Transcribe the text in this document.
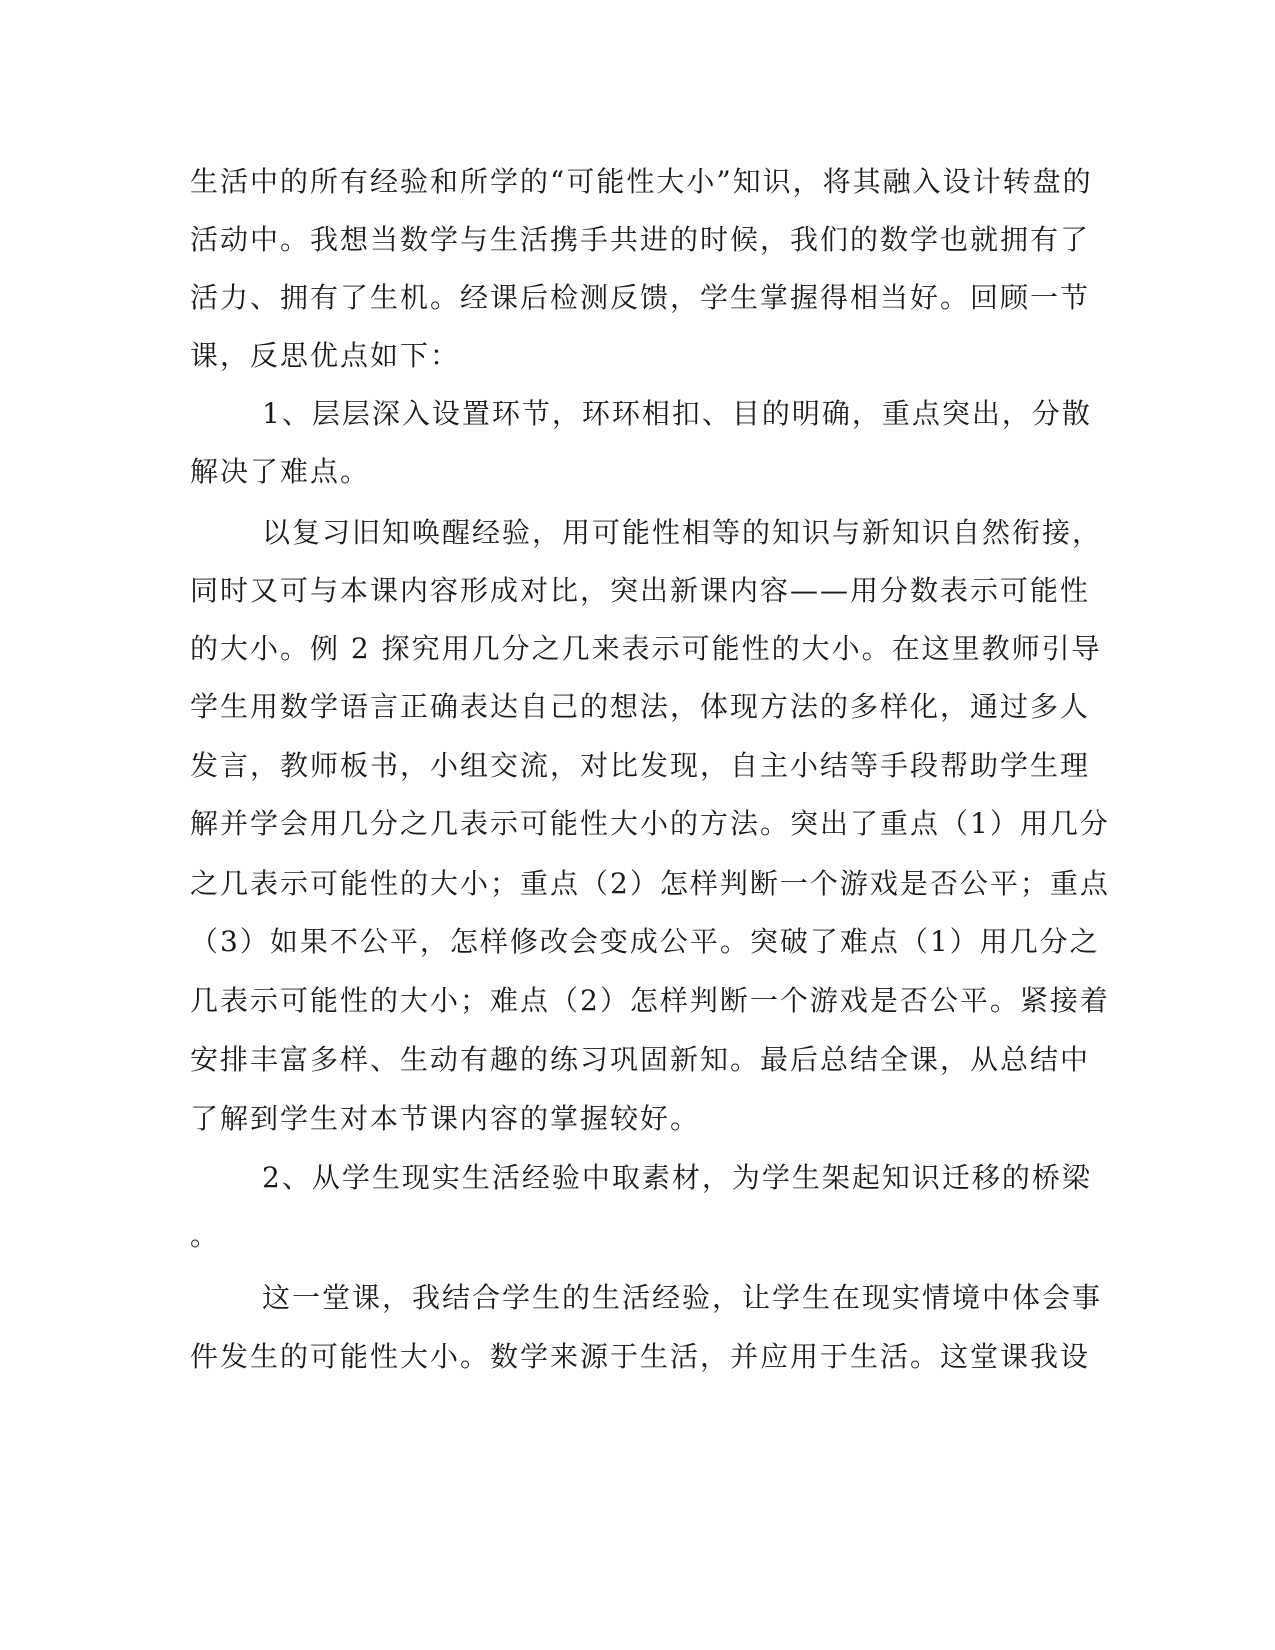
生活中的所有经验和所学的“可能性大小”知识，将其融入设计转盘的
活动中。我想当数学与生活携手共进的时候，我们的数学也就拥有了
活力、拥有了生机。经课后检测反馈，学生掌握得相当好。回顾一节
课，反思优点如下：
1、层层深入设置环节，环环相扣、目的明确，重点突出，分散
解决了难点。
以复习旧知唤醒经验，用可能性相等的知识与新知识自然衔接，
同时又可与本课内容形成对比，突出新课内容——用分数表示可能性
的大小。例 2 探究用几分之几来表示可能性的大小。在这里教师引导
学生用数学语言正确表达自己的想法，体现方法的多样化，通过多人
发言，教师板书，小组交流，对比发现，自主小结等手段帮助学生理
解并学会用几分之几表示可能性大小的方法。突出了重点（1）用几分
之几表示可能性的大小；重点（2）怎样判断一个游戏是否公平；重点
（3）如果不公平，怎样修改会变成公平。突破了难点（1）用几分之
几表示可能性的大小；难点（2）怎样判断一个游戏是否公平。紧接着
安排丰富多样、生动有趣的练习巩固新知。最后总结全课，从总结中
了解到学生对本节课内容的掌握较好。
2、从学生现实生活经验中取素材，为学生架起知识迁移的桥梁
。
这一堂课，我结合学生的生活经验，让学生在现实情境中体会事
件发生的可能性大小。数学来源于生活，并应用于生活。这堂课我设
